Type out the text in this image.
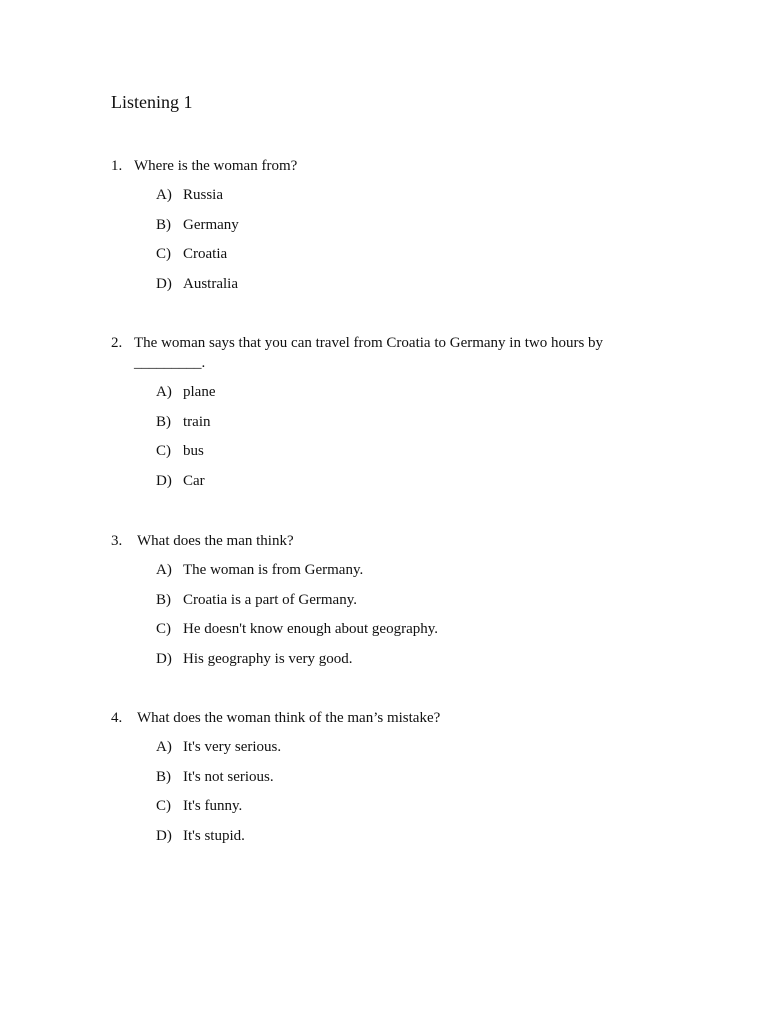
Listening 1
1. Where is the woman from?
A) Russia
B) Germany
C) Croatia
D) Australia
2. The woman says that you can travel from Croatia to Germany in two hours by _________.
A) plane
B) train
C) bus
D) Car
3. What does the man think?
A) The woman is from Germany.
B) Croatia is a part of Germany.
C) He doesn't know enough about geography.
D) His geography is very good.
4. What does the woman think of the man’s mistake?
A) It's very serious.
B) It's not serious.
C) It's funny.
D) It's stupid.
